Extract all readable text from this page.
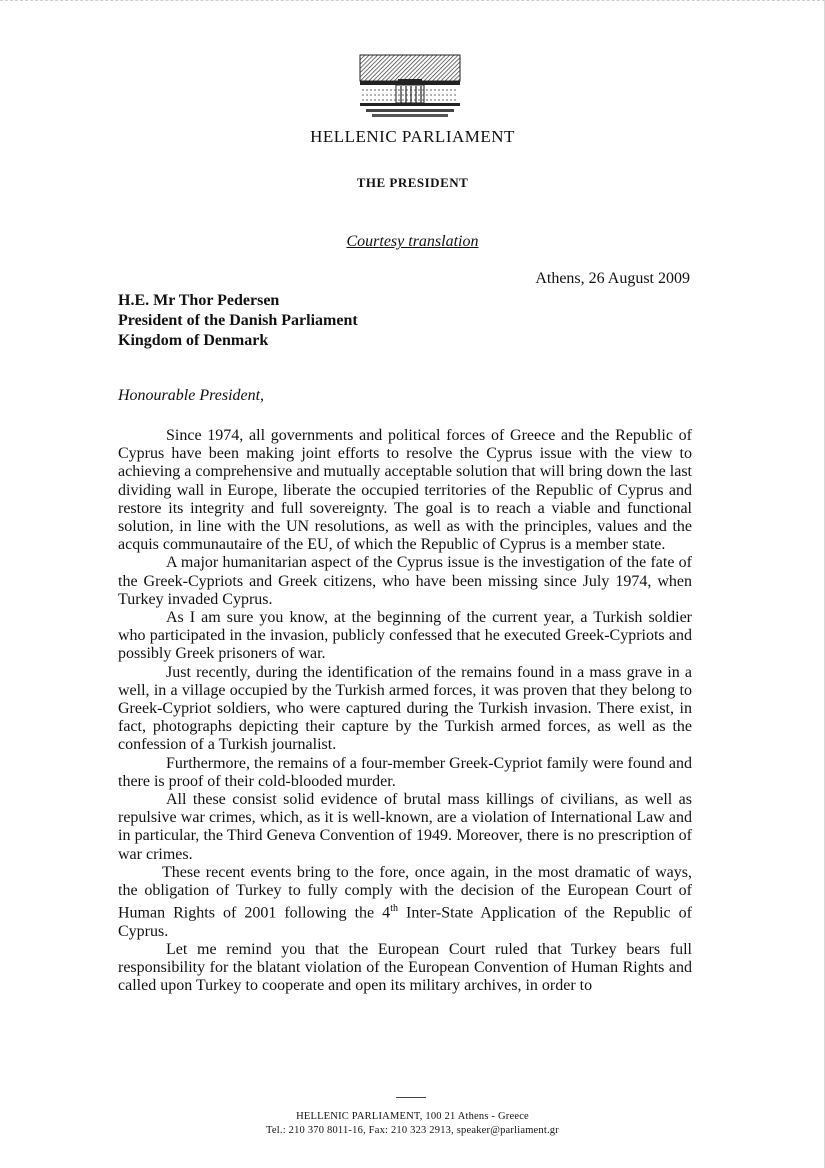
HELLENIC PARLIAMENT
THE PRESIDENT
Courtesy translation
Athens, 26 August 2009
H.E. Mr Thor Pedersen
President of the Danish Parliament
Kingdom of Denmark
Honourable President,

Since 1974, all governments and political forces of Greece and the Republic of Cyprus have been making joint efforts to resolve the Cyprus issue with the view to achieving a comprehensive and mutually acceptable solution that will bring down the last dividing wall in Europe, liberate the occupied territories of the Republic of Cyprus and restore its integrity and full sovereignty. The goal is to reach a viable and functional solution, in line with the UN resolutions, as well as with the principles, values and the acquis communautaire of the EU, of which the Republic of Cyprus is a member state.

A major humanitarian aspect of the Cyprus issue is the investigation of the fate of the Greek-Cypriots and Greek citizens, who have been missing since July 1974, when Turkey invaded Cyprus.

As I am sure you know, at the beginning of the current year, a Turkish soldier who participated in the invasion, publicly confessed that he executed Greek-Cypriots and possibly Greek prisoners of war.

Just recently, during the identification of the remains found in a mass grave in a well, in a village occupied by the Turkish armed forces, it was proven that they belong to Greek-Cypriot soldiers, who were captured during the Turkish invasion. There exist, in fact, photographs depicting their capture by the Turkish armed forces, as well as the confession of a Turkish journalist.

Furthermore, the remains of a four-member Greek-Cypriot family were found and there is proof of their cold-blooded murder.

All these consist solid evidence of brutal mass killings of civilians, as well as repulsive war crimes, which, as it is well-known, are a violation of International Law and in particular, the Third Geneva Convention of 1949. Moreover, there is no prescription of war crimes.

These recent events bring to the fore, once again, in the most dramatic of ways, the obligation of Turkey to fully comply with the decision of the European Court of Human Rights of 2001 following the 4th Inter-State Application of the Republic of Cyprus.

Let me remind you that the European Court ruled that Turkey bears full responsibility for the blatant violation of the European Convention of Human Rights and called upon Turkey to cooperate and open its military archives, in order to

HELLENIC PARLIAMENT, 100 21 Athens - Greece
Tel.: 210 370 8011-16, Fax: 210 323 2913, speaker@parliament.gr
